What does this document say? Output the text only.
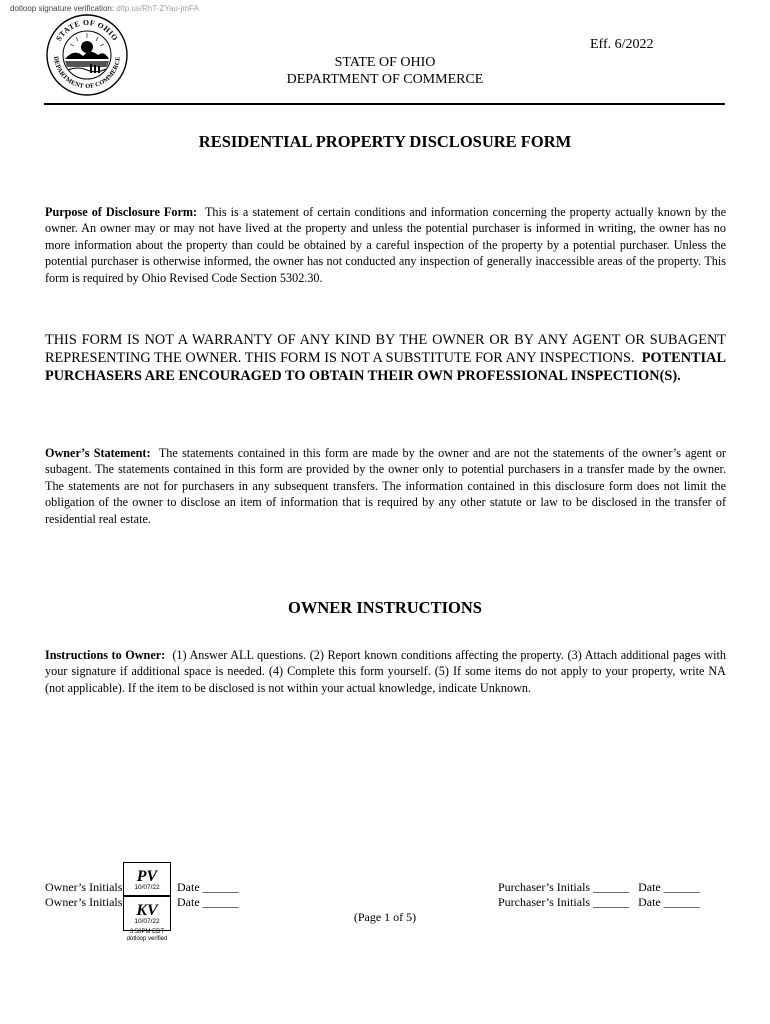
dotloop signature verification: dtlp.us/RhT-ZYau-jmFA
STATE OF OHIO
DEPARTMENT OF COMMERCE
Eff. 6/2022
STATE OF OHIO
DEPARTMENT OF COMMERCE
RESIDENTIAL PROPERTY DISCLOSURE FORM

Purpose of Disclosure Form: This is a statement of certain conditions and information concerning the property actually known by the owner. An owner may or may not have lived at the property and unless the potential purchaser is informed in writing, the owner has no more information about the property than could be obtained by a careful inspection of the property by a potential purchaser. Unless the potential purchaser is otherwise informed, the owner has not conducted any inspection of generally inaccessible areas of the property. This form is required by Ohio Revised Code Section 5302.30.

THIS FORM IS NOT A WARRANTY OF ANY KIND BY THE OWNER OR BY ANY AGENT OR SUBAGENT REPRESENTING THE OWNER. THIS FORM IS NOT A SUBSTITUTE FOR ANY INSPECTIONS. POTENTIAL PURCHASERS ARE ENCOURAGED TO OBTAIN THEIR OWN PROFESSIONAL INSPECTION(S).

Owner’s Statement: The statements contained in this form are made by the owner and are not the statements of the owner’s agent or subagent. The statements contained in this form are provided by the owner only to potential purchasers in a transfer made by the owner. The statements are not for purchasers in any subsequent transfers. The information contained in this disclosure form does not limit the obligation of the owner to disclose an item of information that is required by any other statute or law to be disclosed in the transfer of residential real estate.

OWNER INSTRUCTIONS

Instructions to Owner: (1) Answer ALL questions. (2) Report known conditions affecting the property. (3) Attach additional pages with your signature if additional space is needed. (4) Complete this form yourself. (5) If some items do not apply to your property, write NA (not applicable). If the item to be disclosed is not within your actual knowledge, indicate Unknown.

Owner’s Initials
Owner’s Initials
Date ______
Date ______
PV
10/07/22
KV
10/07/22
3:58PM EDT
dotloop verified
Purchaser’s Initials ______ Date ______
Purchaser’s Initials ______ Date ______
(Page 1 of 5)
